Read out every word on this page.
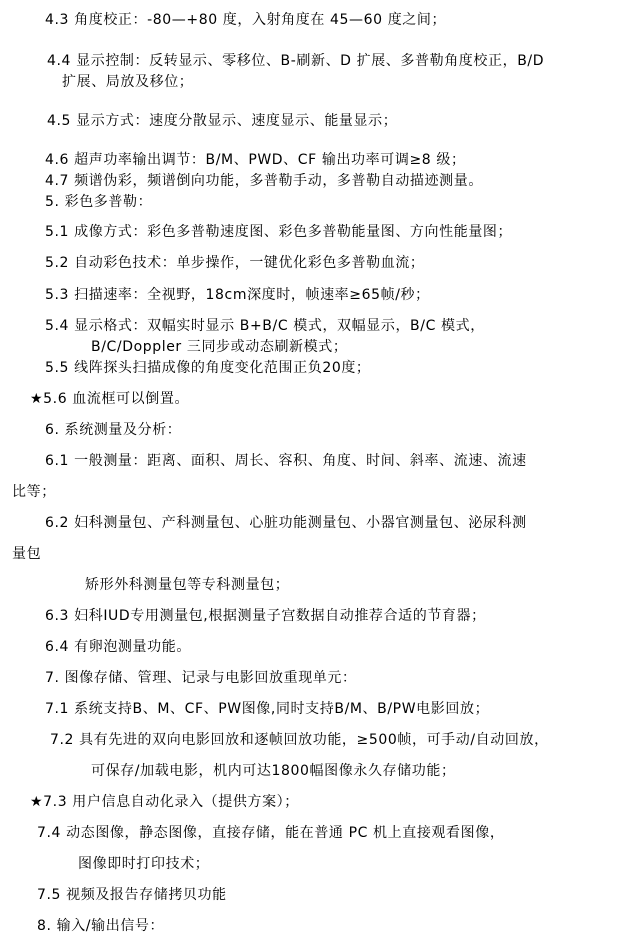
4.3 角度校正：-80—+80 度，入射角度在 45—60 度之间；
4.4 显示控制：反转显示、零移位、B-刷新、D 扩展、多普勒角度校正，B/D
扩展、局放及移位；
4.5 显示方式：速度分散显示、速度显示、能量显示；
4.6 超声功率输出调节：B/M、PWD、CF 输出功率可调≥8 级；
4.7 频谱伪彩，频谱倒向功能，多普勒手动，多普勒自动描迹测量。
5. 彩色多普勒：
5.1 成像方式：彩色多普勒速度图、彩色多普勒能量图、方向性能量图；
5.2 自动彩色技术：单步操作，一键优化彩色多普勒血流；
5.3 扫描速率：全视野，18cm深度时，帧速率≥65帧/秒；
5.4 显示格式：双幅实时显示 B+B/C 模式，双幅显示，B/C 模式，
B/C/Doppler 三同步或动态刷新模式；
5.5 线阵探头扫描成像的角度变化范围正负20度；
★5.6 血流框可以倒置。
6. 系统测量及分析：
6.1 一般测量：距离、面积、周长、容积、角度、时间、斜率、流速、流速
比等；
6.2 妇科测量包、产科测量包、心脏功能测量包、小器官测量包、泌尿科测
量包
矫形外科测量包等专科测量包；
6.3 妇科IUD专用测量包,根据测量子宫数据自动推荐合适的节育器；
6.4 有卵泡测量功能。
7. 图像存储、管理、记录与电影回放重现单元：
7.1 系统支持B、M、CF、PW图像,同时支持B/M、B/PW电影回放；
7.2 具有先进的双向电影回放和逐帧回放功能，≥500帧，可手动/自动回放，
可保存/加载电影，机内可达1800幅图像永久存储功能；
★7.3 用户信息自动化录入（提供方案）；
7.4 动态图像，静态图像，直接存储，能在普通 PC 机上直接观看图像，
图像即时打印技术；
7.5 视频及报告存储拷贝功能
8. 输入/输出信号：
